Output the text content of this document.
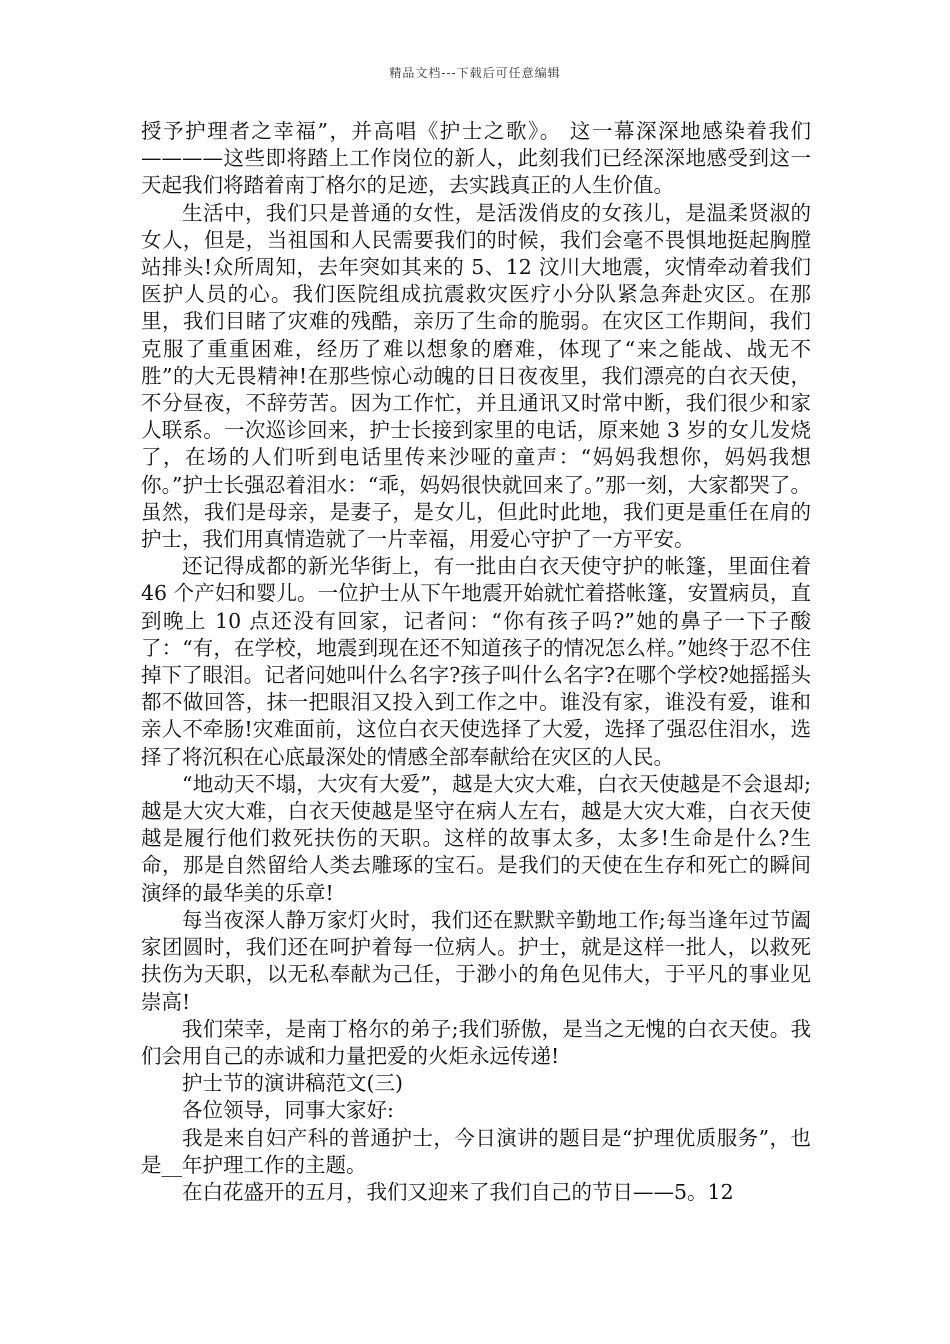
精品文档---下载后可任意编辑

授予护理者之幸福”，并高唱《护士之歌》。 这一幕深深地感染着我们————这些即将踏上工作岗位的新人，此刻我们已经深深地感受到这一天起我们将踏着南丁格尔的足迹，去实践真正的人生价值。

生活中，我们只是普通的女性，是活泼俏皮的女孩儿，是温柔贤淑的女人，但是，当祖国和人民需要我们的时候，我们会毫不畏惧地挺起胸膛站排头!众所周知，去年突如其来的 5、12 汶川大地震，灾情牵动着我们医护人员的心。我们医院组成抗震救灾医疗小分队紧急奔赴灾区。在那里，我们目睹了灾难的残酷，亲历了生命的脆弱。在灾区工作期间，我们克服了重重困难，经历了难以想象的磨难，体现了“来之能战、战无不胜”的大无畏精神!在那些惊心动魄的日日夜夜里，我们漂亮的白衣天使，不分昼夜，不辞劳苦。因为工作忙，并且通讯又时常中断，我们很少和家人联系。一次巡诊回来，护士长接到家里的电话，原来她 3 岁的女儿发烧了，在场的人们听到电话里传来沙哑的童声：“妈妈我想你，妈妈我想你。”护士长强忍着泪水：“乖，妈妈很快就回来了。”那一刻，大家都哭了。虽然，我们是母亲，是妻子，是女儿，但此时此地，我们更是重任在肩的护士，我们用真情造就了一片幸福，用爱心守护了一方平安。

还记得成都的新光华街上，有一批由白衣天使守护的帐篷，里面住着 46 个产妇和婴儿。一位护士从下午地震开始就忙着搭帐篷，安置病员，直到晚上 10 点还没有回家，记者问：“你有孩子吗?”她的鼻子一下子酸了：“有，在学校，地震到现在还不知道孩子的情况怎么样。”她终于忍不住掉下了眼泪。记者问她叫什么名字?孩子叫什么名字?在哪个学校?她摇摇头都不做回答，抹一把眼泪又投入到工作之中。谁没有家，谁没有爱，谁和亲人不牵肠!灾难面前，这位白衣天使选择了大爱，选择了强忍住泪水，选择了将沉积在心底最深处的情感全部奉献给在灾区的人民。

“地动天不塌，大灾有大爱”，越是大灾大难，白衣天使越是不会退却;越是大灾大难，白衣天使越是坚守在病人左右，越是大灾大难，白衣天使越是履行他们救死扶伤的天职。这样的故事太多，太多!生命是什么?生命，那是自然留给人类去雕琢的宝石。是我们的天使在生存和死亡的瞬间演绎的最华美的乐章!

每当夜深人静万家灯火时，我们还在默默辛勤地工作;每当逢年过节阖家团圆时，我们还在呵护着每一位病人。护士，就是这样一批人，以救死扶伤为天职，以无私奉献为己任，于渺小的角色见伟大，于平凡的事业见崇高!

我们荣幸，是南丁格尔的弟子;我们骄傲，是当之无愧的白衣天使。我们会用自己的赤诚和力量把爱的火炬永远传递!

护士节的演讲稿范文(三)

各位领导，同事大家好:

我是来自妇产科的普通护士，今日演讲的题目是“护理优质服务”，也是__年护理工作的主题。

在白花盛开的五月，我们又迎来了我们自己的节日——5。12
